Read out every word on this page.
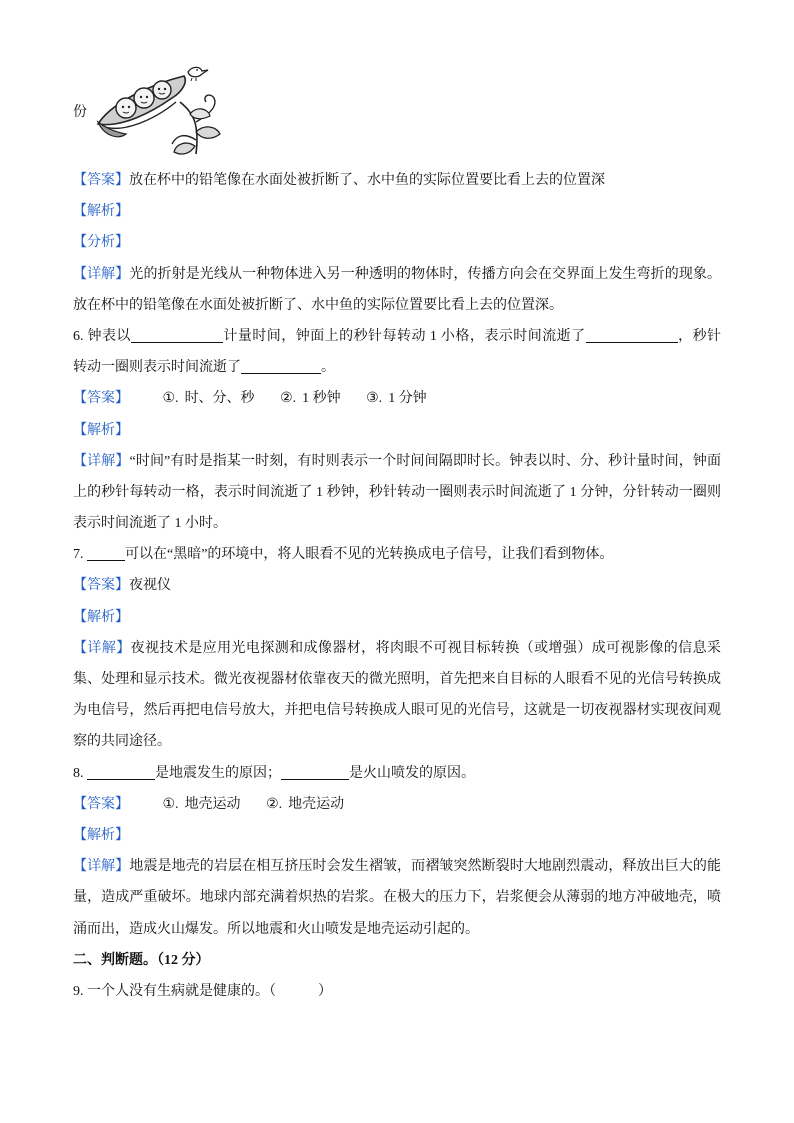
份
【答案】放在杯中的铅笔像在水面处被折断了、水中鱼的实际位置要比看上去的位置深
【解析】
【分析】
【详解】光的折射是光线从一种物体进入另一种透明的物体时，传播方向会在交界面上发生弯折的现象。
放在杯中的铅笔像在水面处被折断了、水中鱼的实际位置要比看上去的位置深。
6. 钟表以	计量时间，钟面上的秒针每转动 1 小格，表示时间流逝了	，秒针
转动一圈则表示时间流逝了	。
【答案】 ①. 时、分、秒 ②. 1 秒钟 ③. 1 分钟
【解析】
【详解】“时间”有时是指某一时刻，有时则表示一个时间间隔即时长。钟表以时、分、秒计量时间，钟面
上的秒针每转动一格，表示时间流逝了 1 秒钟，秒针转动一圈则表示时间流逝了 1 分钟，分针转动一圈则
表示时间流逝了 1 小时。
7.	可以在“黑暗”的环境中，将人眼看不见的光转换成电子信号，让我们看到物体。
【答案】夜视仪
【解析】
【详解】夜视技术是应用光电探测和成像器材，将肉眼不可视目标转换（或增强）成可视影像的信息采
集、处理和显示技术。微光夜视器材依靠夜天的微光照明，首先把来自目标的人眼看不见的光信号转换成
为电信号，然后再把电信号放大，并把电信号转换成人眼可见的光信号，这就是一切夜视器材实现夜间观
察的共同途径。
8.	是地震发生的原因；	是火山喷发的原因。
【答案】 ①. 地壳运动 ②. 地壳运动
【解析】
【详解】地震是地壳的岩层在相互挤压时会发生褶皱，而褶皱突然断裂时大地剧烈震动，释放出巨大的能
量，造成严重破坏。地球内部充满着炽热的岩浆。在极大的压力下，岩浆便会从薄弱的地方冲破地壳，喷
涌而出，造成火山爆发。所以地震和火山喷发是地壳运动引起的。
二、判断题。（12 分）
9. 一个人没有生病就是健康的。（	）
